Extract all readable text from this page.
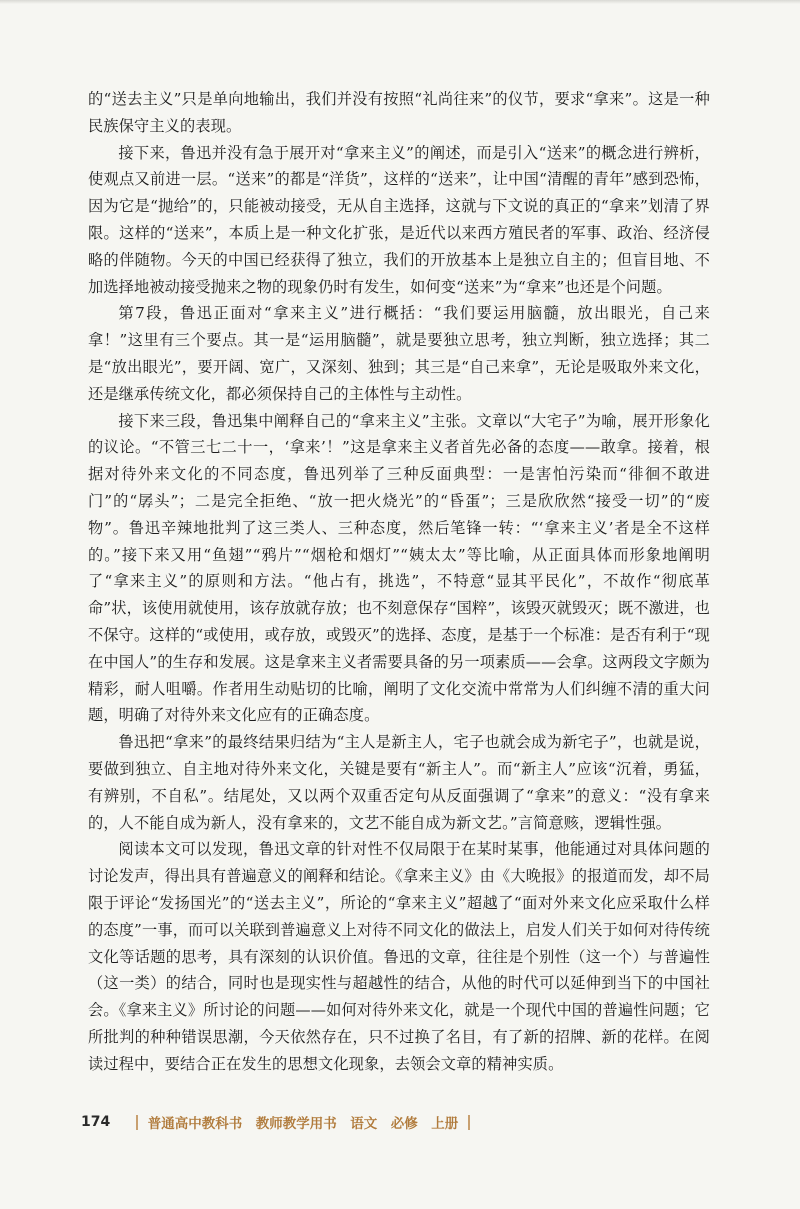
的“送去主义”只是单向地输出，我们并没有按照“礼尚往来”的仪节，要求“拿来”。这是一种民族保守主义的表现。

接下来，鲁迅并没有急于展开对“拿来主义”的阐述，而是引入“送来”的概念进行辨析，使观点又前进一层。“送来”的都是“洋货”，这样的“送来”，让中国“清醒的青年”感到恐怖，因为它是“抛给”的，只能被动接受，无从自主选择，这就与下文说的真正的“拿来”划清了界限。这样的“送来”，本质上是一种文化扩张，是近代以来西方殖民者的军事、政治、经济侵略的伴随物。今天的中国已经获得了独立，我们的开放基本上是独立自主的；但盲目地、不加选择地被动接受抛来之物的现象仍时有发生，如何变“送来”为“拿来”也还是个问题。

第7段，鲁迅正面对“拿来主义”进行概括：“我们要运用脑髓，放出眼光，自己来拿！”这里有三个要点。其一是“运用脑髓”，就是要独立思考，独立判断，独立选择；其二是“放出眼光”，要开阔、宽广，又深刻、独到；其三是“自己来拿”，无论是吸取外来文化，还是继承传统文化，都必须保持自己的主体性与主动性。

接下来三段，鲁迅集中阐释自己的“拿来主义”主张。文章以“大宅子”为喻，展开形象化的议论。“不管三七二十一，‘拿来’！”这是拿来主义者首先必备的态度——敢拿。接着，根据对待外来文化的不同态度，鲁迅列举了三种反面典型：一是害怕污染而“徘徊不敢进门”的“孱头”；二是完全拒绝、“放一把火烧光”的“昏蛋”；三是欣欣然“接受一切”的“废物”。鲁迅辛辣地批判了这三类人、三种态度，然后笔锋一转：“‘拿来主义’者是全不这样的。”接下来又用“鱼翅”“鸦片”“烟枪和烟灯”“姨太太”等比喻，从正面具体而形象地阐明了“拿来主义”的原则和方法。“他占有，挑选”，不特意“显其平民化”，不故作“彻底革命”状，该使用就使用，该存放就存放；也不刻意保存“国粹”，该毁灭就毁灭；既不激进，也不保守。这样的“或使用，或存放，或毁灭”的选择、态度，是基于一个标准：是否有利于“现在中国人”的生存和发展。这是拿来主义者需要具备的另一项素质——会拿。这两段文字颇为精彩，耐人咀嚼。作者用生动贴切的比喻，阐明了文化交流中常常为人们纠缠不清的重大问题，明确了对待外来文化应有的正确态度。

鲁迅把“拿来”的最终结果归结为“主人是新主人，宅子也就会成为新宅子”，也就是说，要做到独立、自主地对待外来文化，关键是要有“新主人”。而“新主人”应该“沉着，勇猛，有辨别，不自私”。结尾处，又以两个双重否定句从反面强调了“拿来”的意义：“没有拿来的，人不能自成为新人，没有拿来的，文艺不能自成为新文艺。”言简意赅，逻辑性强。

阅读本文可以发现，鲁迅文章的针对性不仅局限于在某时某事，他能通过对具体问题的讨论发声，得出具有普遍意义的阐释和结论。《拿来主义》由《大晚报》的报道而发，却不局限于评论“发扬国光”的“送去主义”，所论的“拿来主义”超越了“面对外来文化应采取什么样的态度”一事，而可以关联到普遍意义上对待不同文化的做法上，启发人们关于如何对待传统文化等话题的思考，具有深刻的认识价值。鲁迅的文章，往往是个别性（这一个）与普遍性（这一类）的结合，同时也是现实性与超越性的结合，从他的时代可以延伸到当下的中国社会。《拿来主义》所讨论的问题——如何对待外来文化，就是一个现代中国的普遍性问题；它所批判的种种错误思潮，今天依然存在，只不过换了名目，有了新的招牌、新的花样。在阅读过程中，要结合正在发生的思想文化现象，去领会文章的精神实质。

174	普通高中教科书　教师教学用书　语文　必修　上册
